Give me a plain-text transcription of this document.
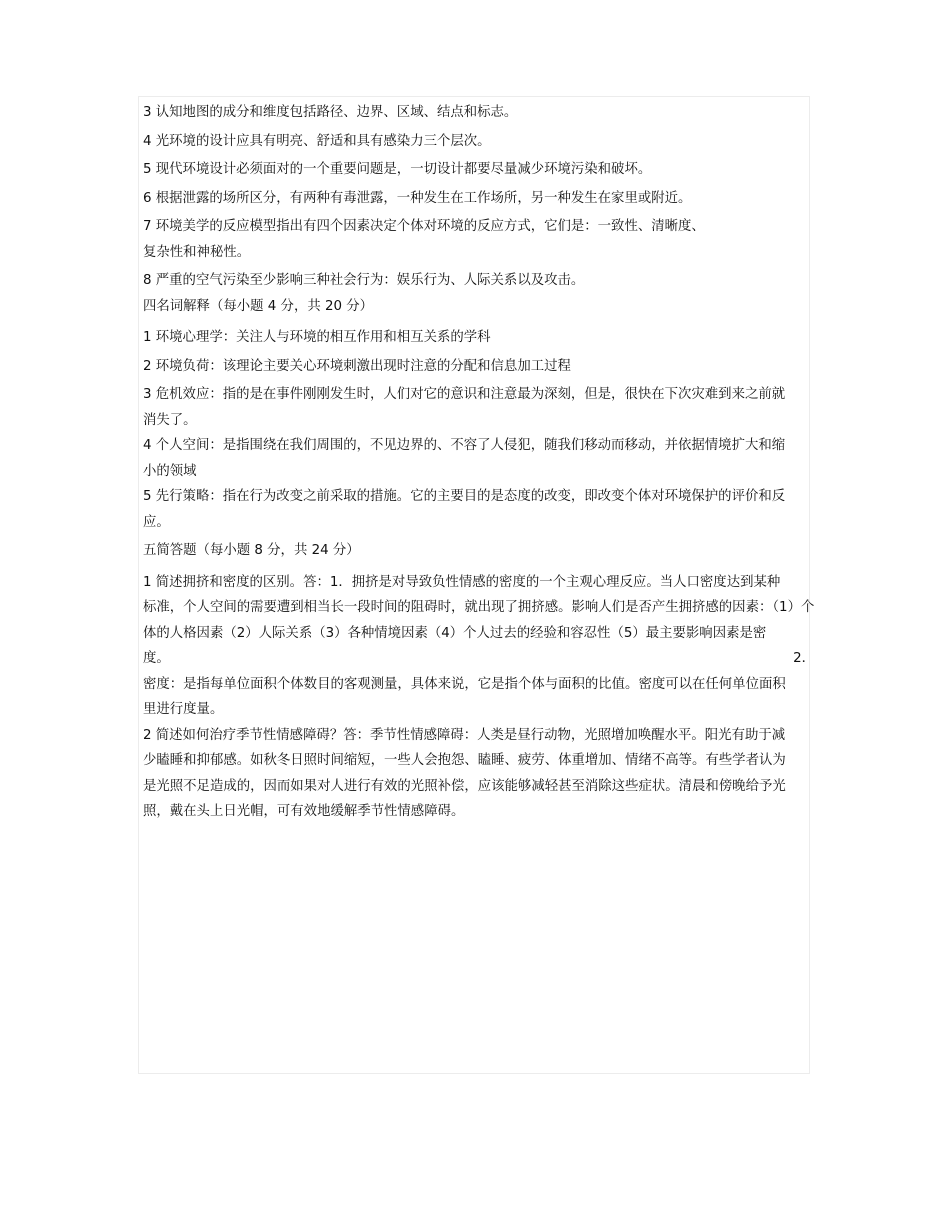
3 认知地图的成分和维度包括路径、边界、区域、结点和标志。
4 光环境的设计应具有明亮、舒适和具有感染力三个层次。
5 现代环境设计必须面对的一个重要问题是，一切设计都要尽量减少环境污染和破坏。
6 根据泄露的场所区分，有两种有毒泄露，一种发生在工作场所，另一种发生在家里或附近。
7 环境美学的反应模型指出有四个因素决定个体对环境的反应方式，它们是：一致性、清晰度、
复杂性和神秘性。
8 严重的空气污染至少影响三种社会行为：娱乐行为、人际关系以及攻击。
四名词解释（每小题 4 分，共 20 分）
1 环境心理学：关注人与环境的相互作用和相互关系的学科
2 环境负荷：该理论主要关心环境刺激出现时注意的分配和信息加工过程
3 危机效应：指的是在事件刚刚发生时，人们对它的意识和注意最为深刻，但是，很快在下次灾难到来之前就
消失了。
4 个人空间：是指围绕在我们周围的，不见边界的、不容了人侵犯，随我们移动而移动，并依据情境扩大和缩
小的领域
5 先行策略：指在行为改变之前采取的措施。它的主要目的是态度的改变，即改变个体对环境保护的评价和反
应。
五简答题（每小题 8 分，共 24 分）
1 简述拥挤和密度的区别。答：1．拥挤是对导致负性情感的密度的一个主观心理反应。当人口密度达到某种
标准，个人空间的需要遭到相当长一段时间的阻碍时，就出现了拥挤感。影响人们是否产生拥挤感的因素：（1）个
体的人格因素（2）人际关系（3）各种情境因素（4）个人过去的经验和容忍性（5）最主要影响因素是密
度。	2．
密度：是指每单位面积个体数目的客观测量，具体来说，它是指个体与面积的比值。密度可以在任何单位面积
里进行度量。
2 简述如何治疗季节性情感障碍？答：季节性情感障碍：人类是昼行动物，光照增加唤醒水平。阳光有助于减
少瞌睡和抑郁感。如秋冬日照时间缩短，一些人会抱怨、瞌睡、疲劳、体重增加、情绪不高等。有些学者认为
是光照不足造成的，因而如果对人进行有效的光照补偿，应该能够减轻甚至消除这些症状。清晨和傍晚给予光
照，戴在头上日光帽，可有效地缓解季节性情感障碍。
